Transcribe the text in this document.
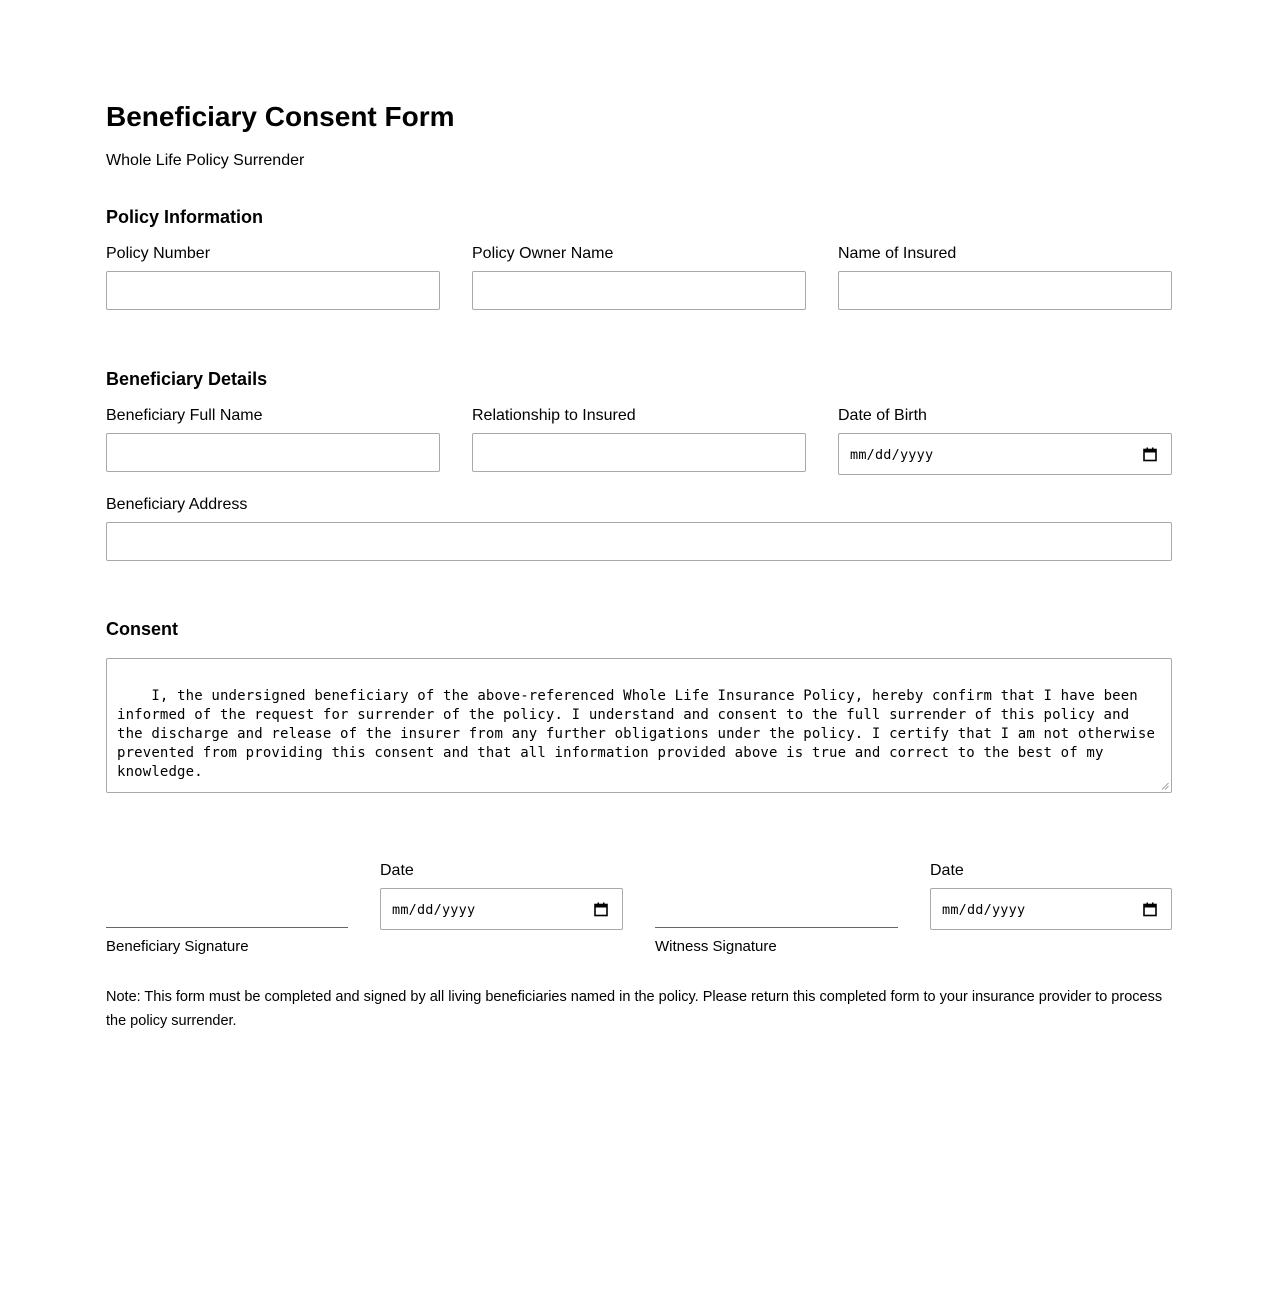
Beneficiary Consent Form
Whole Life Policy Surrender
Policy Information
Policy Number	Policy Owner Name	Name of Insured
Beneficiary Details
Beneficiary Full Name	Relationship to Insured	Date of Birth
mm/dd/yyyy
Beneficiary Address
Consent

I, the undersigned beneficiary of the above-referenced Whole Life Insurance Policy, hereby confirm that I have been informed of the request for surrender of the policy. I understand and consent to the full surrender of this policy and the discharge and release of the insurer from any further obligations under the policy. I certify that I am not otherwise prevented from providing this consent and that all information provided above is true and correct to the best of my knowledge.

Beneficiary Signature
Date
mm/dd/yyyy
Witness Signature
Date
mm/dd/yyyy
Note: This form must be completed and signed by all living beneficiaries named in the policy. Please return this completed form to your insurance provider to process the policy surrender.
